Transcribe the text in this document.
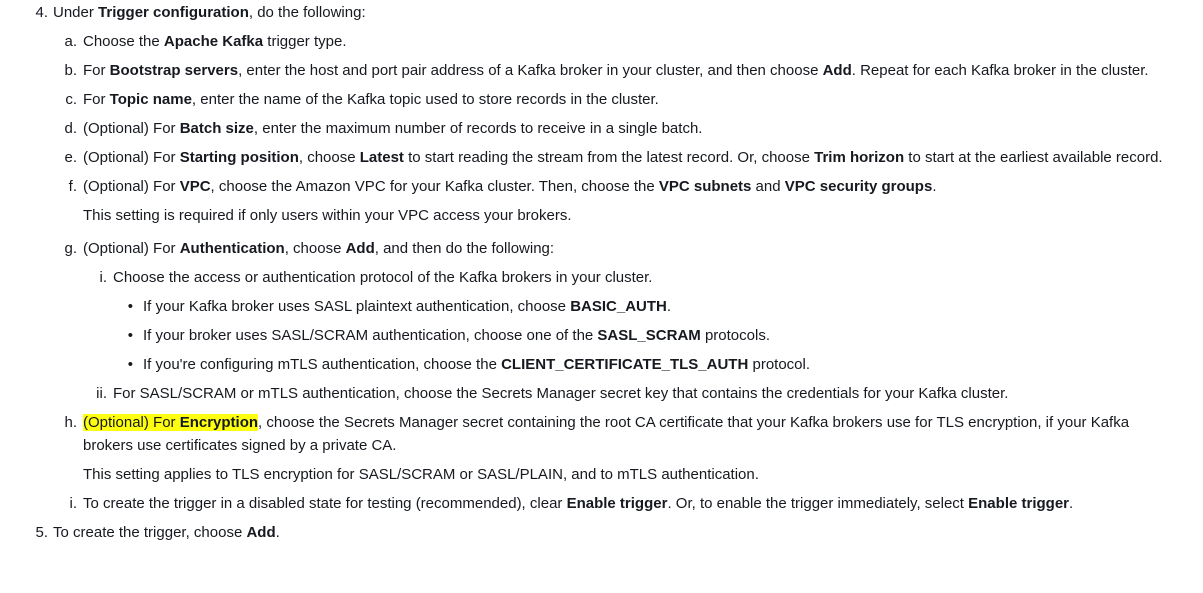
4. Under Trigger configuration, do the following:
a. Choose the Apache Kafka trigger type.
b. For Bootstrap servers, enter the host and port pair address of a Kafka broker in your cluster, and then choose Add. Repeat for each Kafka broker in the cluster.
c. For Topic name, enter the name of the Kafka topic used to store records in the cluster.
d. (Optional) For Batch size, enter the maximum number of records to receive in a single batch.
e. (Optional) For Starting position, choose Latest to start reading the stream from the latest record. Or, choose Trim horizon to start at the earliest available record.
f. (Optional) For VPC, choose the Amazon VPC for your Kafka cluster. Then, choose the VPC subnets and VPC security groups.
This setting is required if only users within your VPC access your brokers.
g. (Optional) For Authentication, choose Add, and then do the following:
i. Choose the access or authentication protocol of the Kafka brokers in your cluster.
• If your Kafka broker uses SASL plaintext authentication, choose BASIC_AUTH.
• If your broker uses SASL/SCRAM authentication, choose one of the SASL_SCRAM protocols.
• If you're configuring mTLS authentication, choose the CLIENT_CERTIFICATE_TLS_AUTH protocol.
ii. For SASL/SCRAM or mTLS authentication, choose the Secrets Manager secret key that contains the credentials for your Kafka cluster.
h. (Optional) For Encryption, choose the Secrets Manager secret containing the root CA certificate that your Kafka brokers use for TLS encryption, if your Kafka brokers use certificates signed by a private CA.
This setting applies to TLS encryption for SASL/SCRAM or SASL/PLAIN, and to mTLS authentication.
i. To create the trigger in a disabled state for testing (recommended), clear Enable trigger. Or, to enable the trigger immediately, select Enable trigger.
5. To create the trigger, choose Add.
